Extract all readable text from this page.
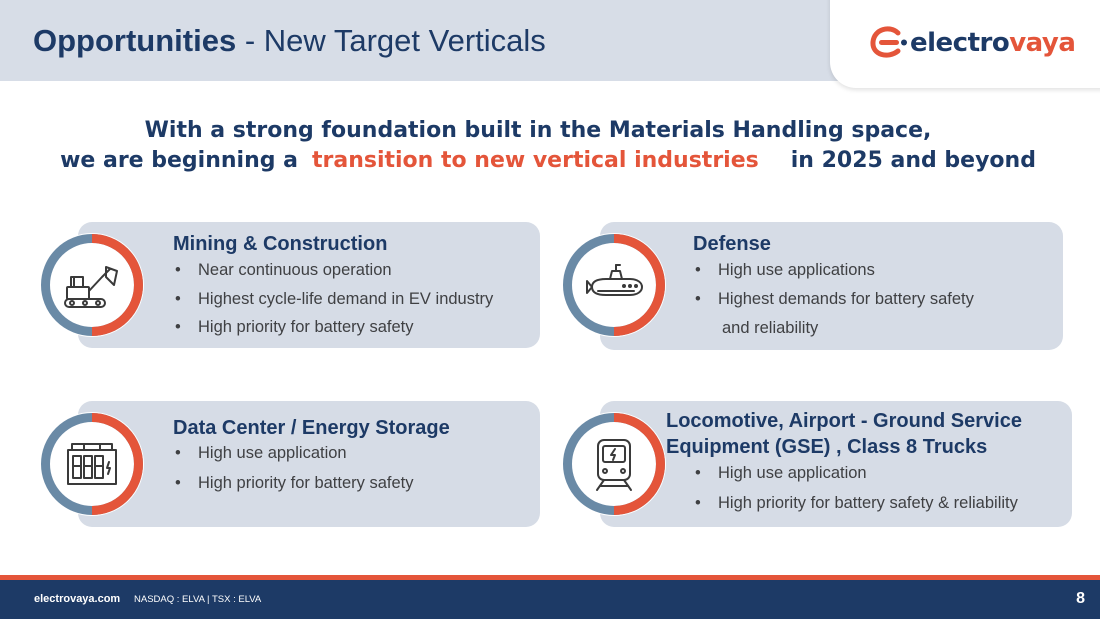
Opportunities - New Target Verticals	electrovaya
With a strong foundation built in the Materials Handling space,
we are beginning a transition to new vertical industries in 2025 and beyond
Mining & Construction
• Near continuous operation
• Highest cycle-life demand in EV industry
• High priority for battery safety
Defense
• High use applications
• Highest demands for battery safety
and reliability
Data Center / Energy Storage
• High use application
• High priority for battery safety
Locomotive, Airport - Ground Service
Equipment (GSE) , Class 8 Trucks
• High use application
• High priority for battery safety & reliability
electrovaya.com NASDAQ : ELVA | TSX : ELVA	8
